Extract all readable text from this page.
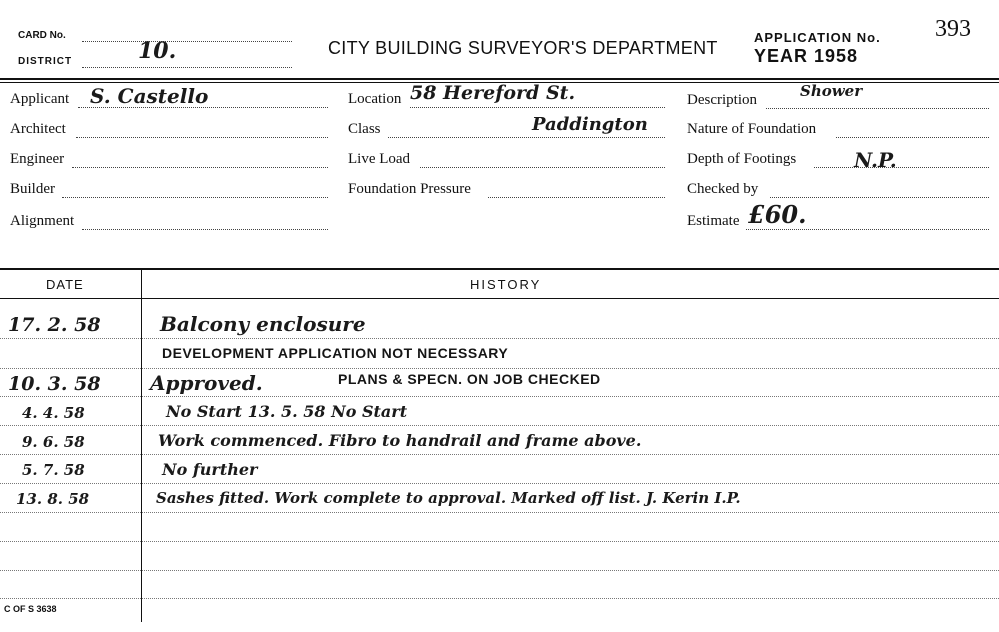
CARD No.
DISTRICT	10.	CITY BUILDING SURVEYOR'S DEPARTMENT
APPLICATION No.
YEAR 1958
393
Applicant S. Castello
Architect
Engineer
Builder
Alignment
Location 58 Hereford St.
Class	Paddington
Live Load
Foundation Pressure
Description	Shower
Nature of Foundation
Depth of Footings	N.P.
Checked by
Estimate £60.
DATE	HISTORY
17. 2. 58	Balcony enclosure
DEVELOPMENT APPLICATION NOT NECESSARY
10. 3. 58 Approved.	PLANS & SPECN. ON JOB CHECKED
4. 4. 58	No Start 13. 5. 58 No Start
9. 6. 58	Work commenced. Fibro to handrail and frame above.
5. 7. 58	No further
13. 8. 58	Sashes fitted. Work complete to approval. Marked off list. J. Kerin I.P.
C OF S 3638
